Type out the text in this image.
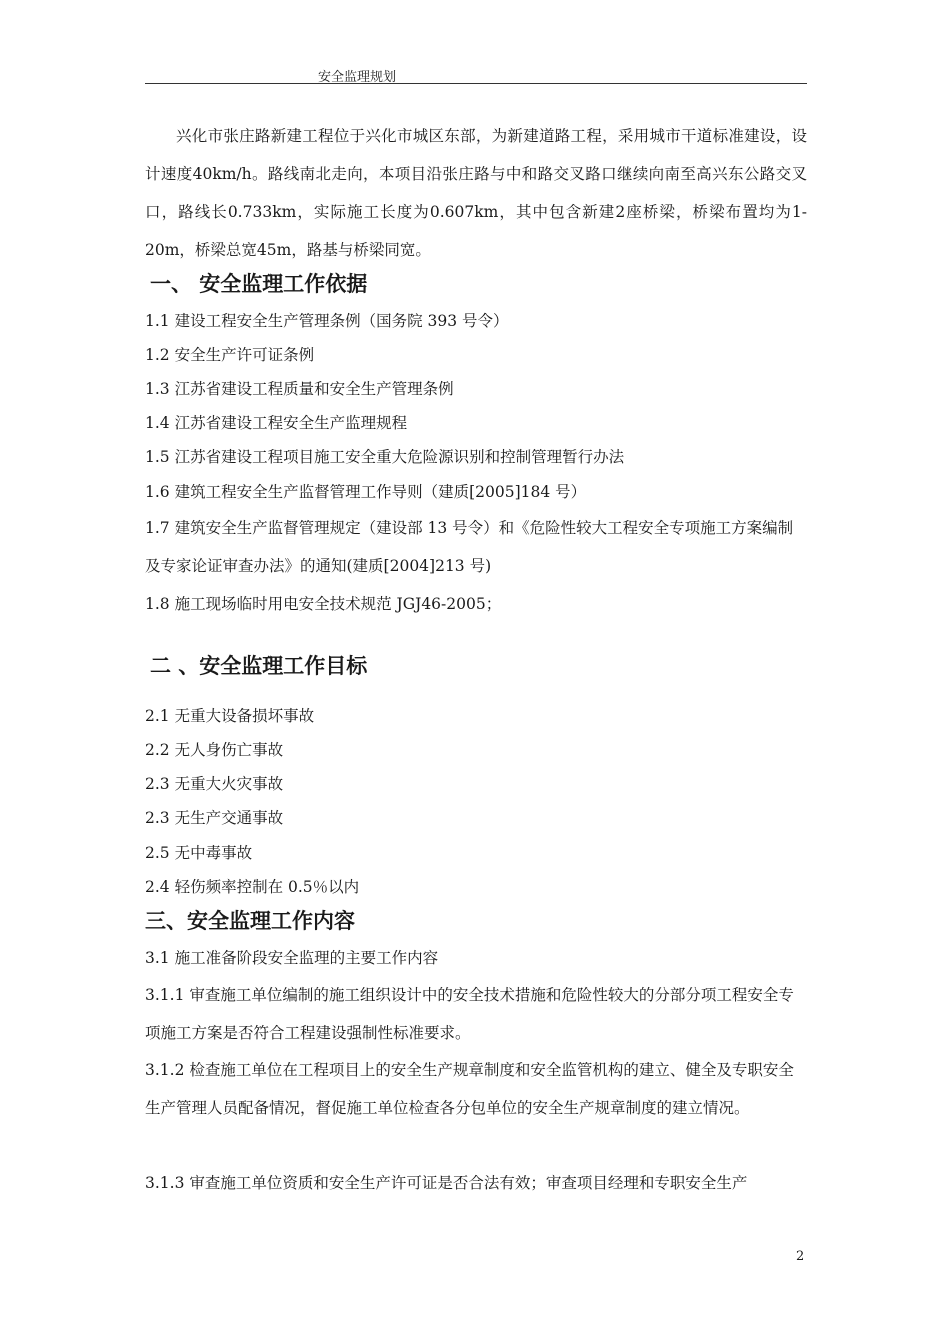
安全监理规划

兴化市张庄路新建工程位于兴化市城区东部，为新建道路工程，采用城市干道标准建设，设计速度40km/h。路线南北走向，本项目沿张庄路与中和路交叉路口继续向南至高兴东公路交叉口，路线长0.733km，实际施工长度为0.607km，其中包含新建2座桥梁，桥梁布置均为1-20m，桥梁总宽45m，路基与桥梁同宽。

一、 安全监理工作依据
1.1 建设工程安全生产管理条例（国务院 393 号令）
1.2 安全生产许可证条例
1.3 江苏省建设工程质量和安全生产管理条例
1.4 江苏省建设工程安全生产监理规程
1.5 江苏省建设工程项目施工安全重大危险源识别和控制管理暂行办法
1.6 建筑工程安全生产监督管理工作导则（建质[2005]184 号）

1.7 建筑安全生产监督管理规定（建设部 13 号令）和《危险性较大工程安全专项施工方案编制及专家论证审查办法》的通知(建质[2004]213 号)

1.8 施工现场临时用电安全技术规范 JGJ46-2005；
二 、安全监理工作目标
2.1 无重大设备损坏事故
2.2 无人身伤亡事故
2.3 无重大火灾事故
2.3 无生产交通事故
2.5 无中毒事故
2.4 轻伤频率控制在 0.5％以内
三、安全监理工作内容
3.1 施工准备阶段安全监理的主要工作内容

3.1.1 审查施工单位编制的施工组织设计中的安全技术措施和危险性较大的分部分项工程安全专项施工方案是否符合工程建设强制性标准要求。

3.1.2 检查施工单位在工程项目上的安全生产规章制度和安全监管机构的建立、健全及专职安全生产管理人员配备情况，督促施工单位检查各分包单位的安全生产规章制度的建立情况。

3.1.3 审查施工单位资质和安全生产许可证是否合法有效；审查项目经理和专职安全生产
2
